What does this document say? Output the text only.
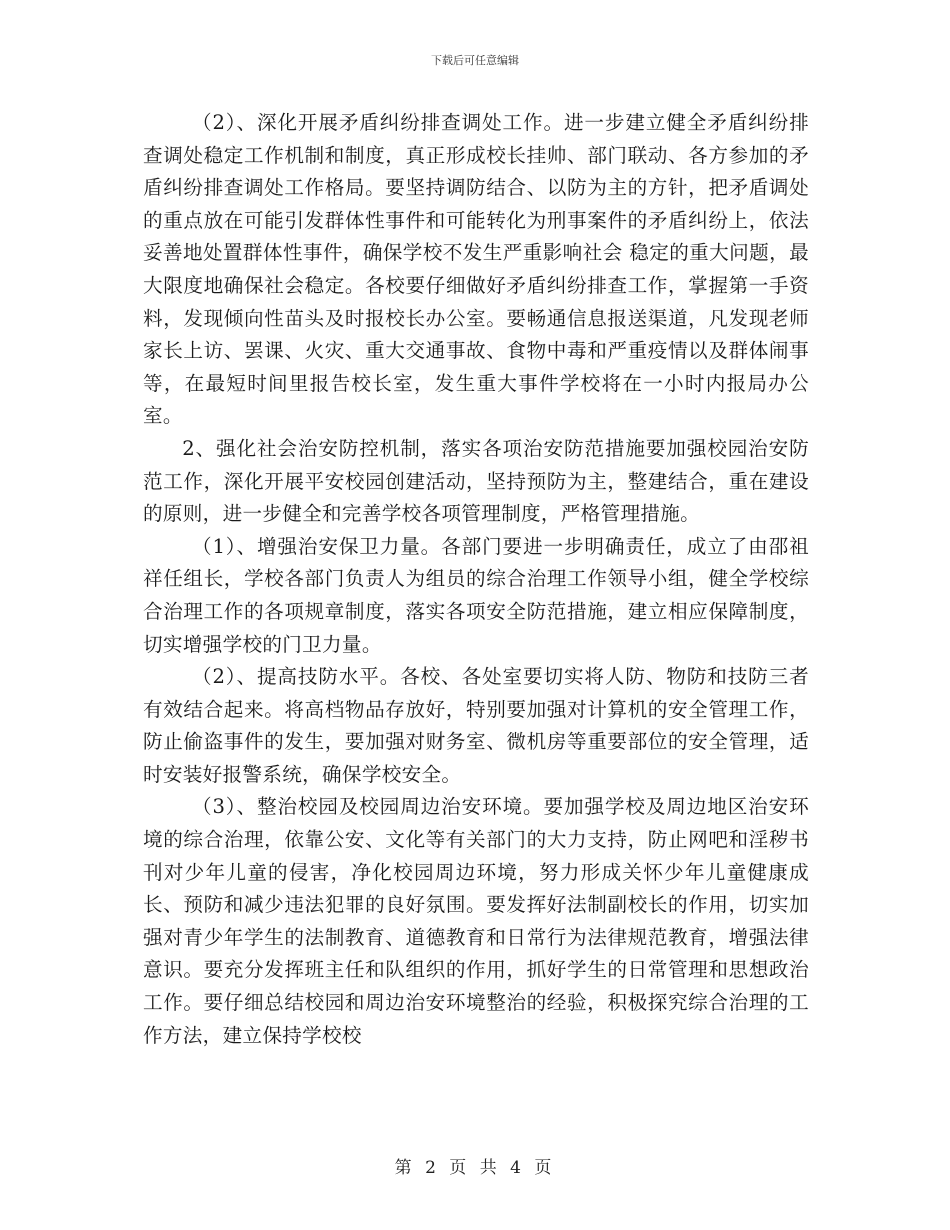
下载后可任意编辑

（2）、深化开展矛盾纠纷排查调处工作。进一步建立健全矛盾纠纷排查调处稳定工作机制和制度，真正形成校长挂帅、部门联动、各方参加的矛盾纠纷排查调处工作格局。要坚持调防结合、以防为主的方针，把矛盾调处的重点放在可能引发群体性事件和可能转化为刑事案件的矛盾纠纷上，依法妥善地处置群体性事件，确保学校不发生严重影响社会 稳定的重大问题，最大限度地确保社会稳定。各校要仔细做好矛盾纠纷排查工作，掌握第一手资料，发现倾向性苗头及时报校长办公室。要畅通信息报送渠道，凡发现老师家长上访、罢课、火灾、重大交通事故、食物中毒和严重疫情以及群体闹事等，在最短时间里报告校长室，发生重大事件学校将在一小时内报局办公室。

2、强化社会治安防控机制，落实各项治安防范措施要加强校园治安防范工作，深化开展平安校园创建活动，坚持预防为主，整建结合，重在建设的原则，进一步健全和完善学校各项管理制度，严格管理措施。

（1）、增强治安保卫力量。各部门要进一步明确责任，成立了由邵祖祥任组长，学校各部门负责人为组员的综合治理工作领导小组，健全学校综合治理工作的各项规章制度，落实各项安全防范措施，建立相应保障制度，切实增强学校的门卫力量。

（2）、提高技防水平。各校、各处室要切实将人防、物防和技防三者有效结合起来。将高档物品存放好，特别要加强对计算机的安全管理工作，防止偷盗事件的发生，要加强对财务室、微机房等重要部位的安全管理，适时安装好报警系统，确保学校安全。

（3）、整治校园及校园周边治安环境。要加强学校及周边地区治安环境的综合治理，依靠公安、文化等有关部门的大力支持，防止网吧和淫秽书刊对少年儿童的侵害，净化校园周边环境，努力形成关怀少年儿童健康成长、预防和减少违法犯罪的良好氛围。要发挥好法制副校长的作用，切实加强对青少年学生的法制教育、道德教育和日常行为法律规范教育，增强法律意识。要充分发挥班主任和队组织的作用，抓好学生的日常管理和思想政治工作。要仔细总结校园和周边治安环境整治的经验，积极探究综合治理的工作方法，建立保持学校校

第 2 页 共 4 页
